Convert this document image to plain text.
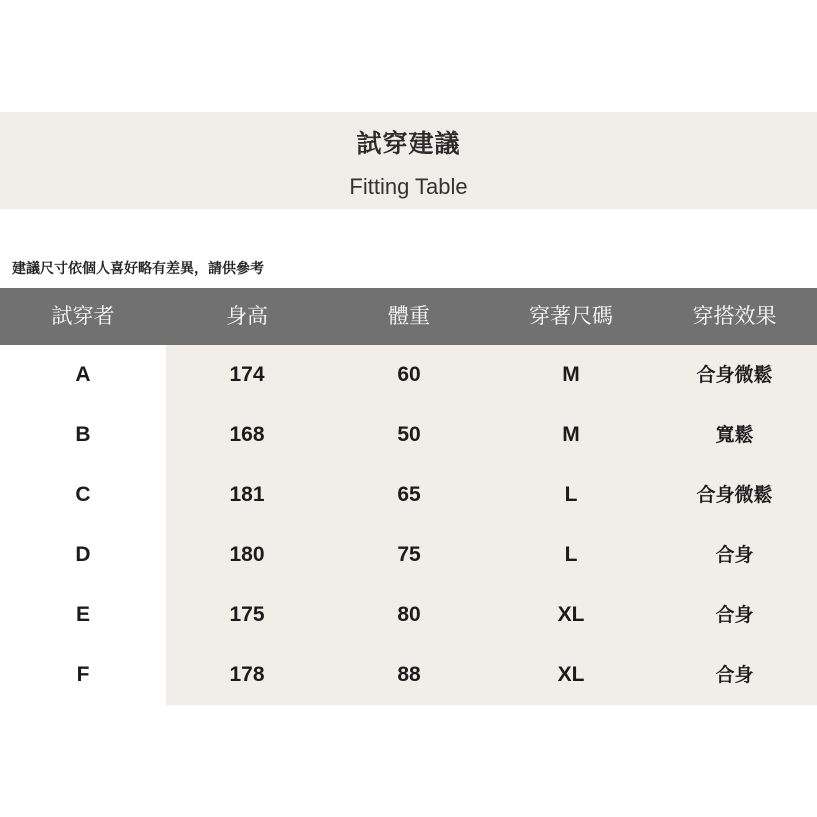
試穿建議
Fitting Table
建議尺寸依個人喜好略有差異，請供參考
試穿者	身高	體重	穿著尺碼	穿搭效果
A	174	60	M	合身微鬆
B	168	50	M	寬鬆
C	181	65	L	合身微鬆
D	180	75	L	合身
E	175	80	XL	合身
F	178	88	XL	合身
